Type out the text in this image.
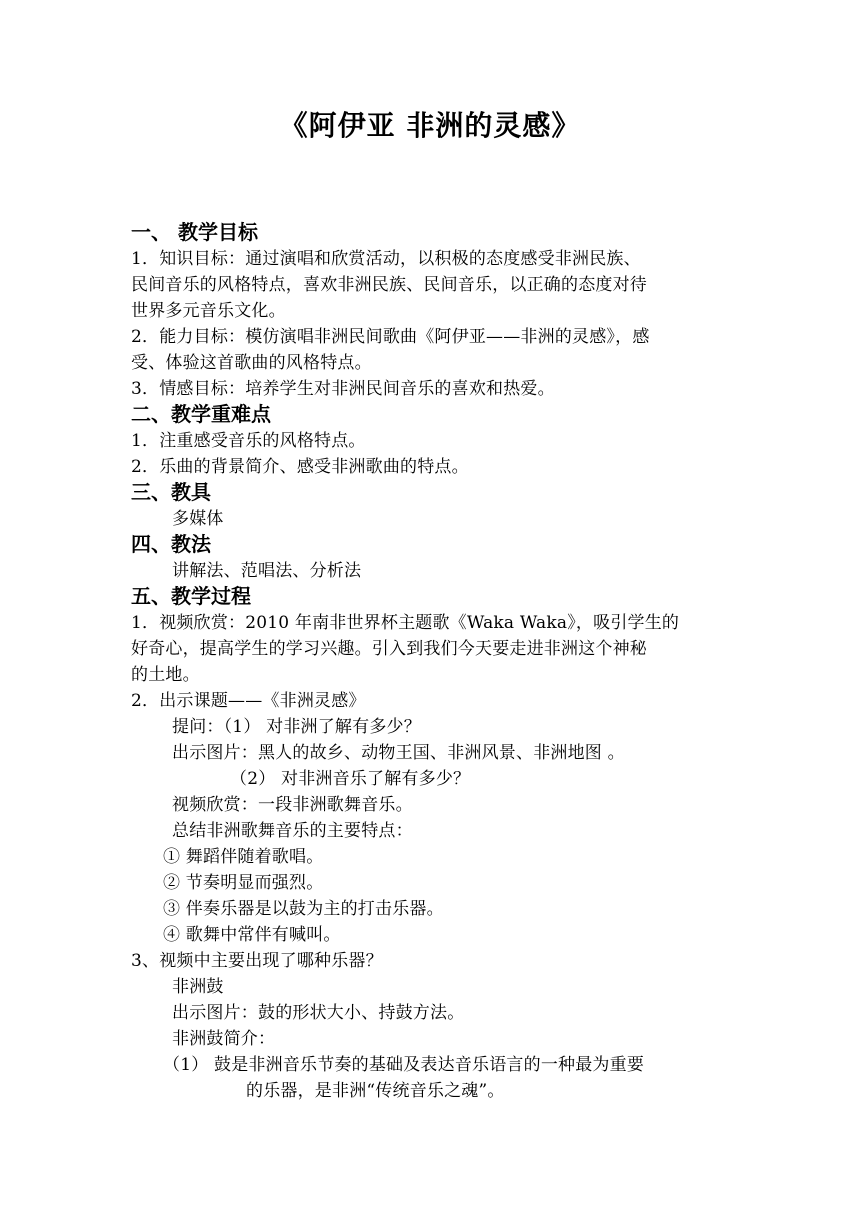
《阿伊亚 非洲的灵感》
一、 教学目标
1．知识目标：通过演唱和欣赏活动，以积极的态度感受非洲民族、
民间音乐的风格特点，喜欢非洲民族、民间音乐，以正确的态度对待
世界多元音乐文化。
2．能力目标：模仿演唱非洲民间歌曲《阿伊亚——非洲的灵感》，感
受、体验这首歌曲的风格特点。
3．情感目标：培养学生对非洲民间音乐的喜欢和热爱。
二、教学重难点
1．注重感受音乐的风格特点。
2．乐曲的背景简介、感受非洲歌曲的特点。
三、教具
多媒体
四、教法
讲解法、范唱法、分析法
五、教学过程
1．视频欣赏：2010 年南非世界杯主题歌《Waka Waka》，吸引学生的
好奇心，提高学生的学习兴趣。引入到我们今天要走进非洲这个神秘
的土地。
2．出示课题——《非洲灵感》
提问：（1） 对非洲了解有多少？
出示图片：黑人的故乡、动物王国、非洲风景、非洲地图 。
（2） 对非洲音乐了解有多少？
视频欣赏：一段非洲歌舞音乐。
总结非洲歌舞音乐的主要特点：
① 舞蹈伴随着歌唱。
② 节奏明显而强烈。
③ 伴奏乐器是以鼓为主的打击乐器。
④ 歌舞中常伴有喊叫。
3、视频中主要出现了哪种乐器？
非洲鼓
出示图片：鼓的形状大小、持鼓方法。
非洲鼓简介：
（1） 鼓是非洲音乐节奏的基础及表达音乐语言的一种最为重要
的乐器，是非洲“传统音乐之魂”。
